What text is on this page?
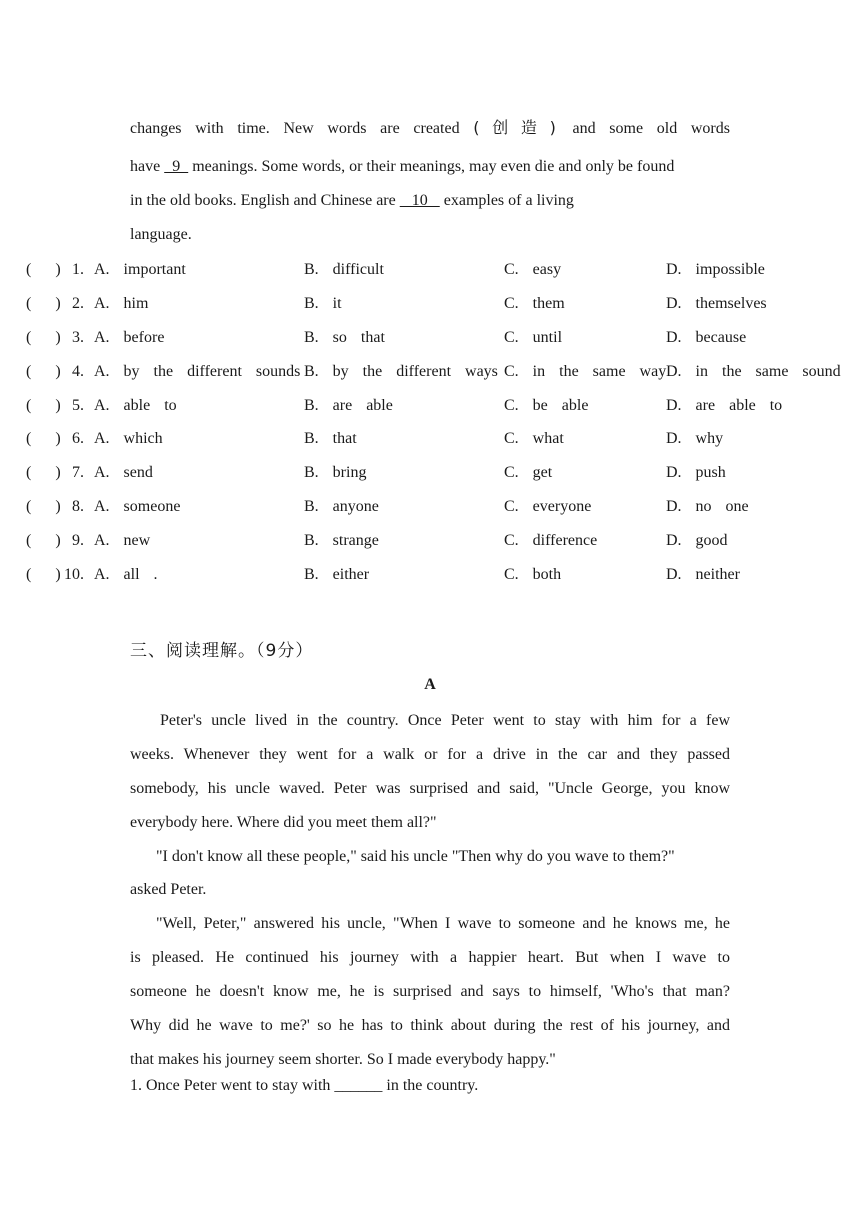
changes with time. New words are created (创造) and some old words
have   9   meanings. Some words, or their meanings, may even die and only be found
in the old books. English and Chinese are    10    examples of a living
language.
(      ) 1. A.  important	B.  difficult	C.  easy	D.  impossible
(      ) 2. A.  him	B.  it	C.  them	D.  themselves
(      ) 3. A.  before	B.  so  that	C.  until	D.  because
(      ) 4. A.  by  the  different  sounds B.  by  the  different  ways C.  in  the  same  way D.  in  the  same  sound
(      ) 5. A.  able  to	B.  are  able	C.  be  able	D.  are  able  to
(      ) 6. A.  which	B.  that	C.  what	D.  why
(      ) 7. A.  send	B.  bring	C.  get	D.  push
(      ) 8. A.  someone	B.  anyone	C.  everyone	D.  no  one
(      ) 9. A.  new	B.  strange	C.  difference	D.  good
(      ) 10. A.  all  .	B.  either	C.  both	D.  neither
三、阅读理解。（9分）
A
Peter's uncle lived in the country. Once Peter went to stay with him for a few
weeks. Whenever they went for a walk or for a drive in the car and they passed
somebody, his uncle waved. Peter was surprised and said, "Uncle George, you know
everybody here. Where did you meet them all?"
"I don't know all these people," said his uncle "Then why do you wave to them?"
asked Peter.
"Well, Peter," answered his uncle, "When I wave to someone and he knows me, he
is pleased. He continued his journey with a happier heart. But when I wave to
someone he doesn't know me, he is surprised and says to himself, 'Who's that man?
Why did he wave to me?' so he has to think about during the rest of his journey, and
that makes his journey seem shorter. So I made everybody happy."
1. Once Peter went to stay with ______ in the country.
